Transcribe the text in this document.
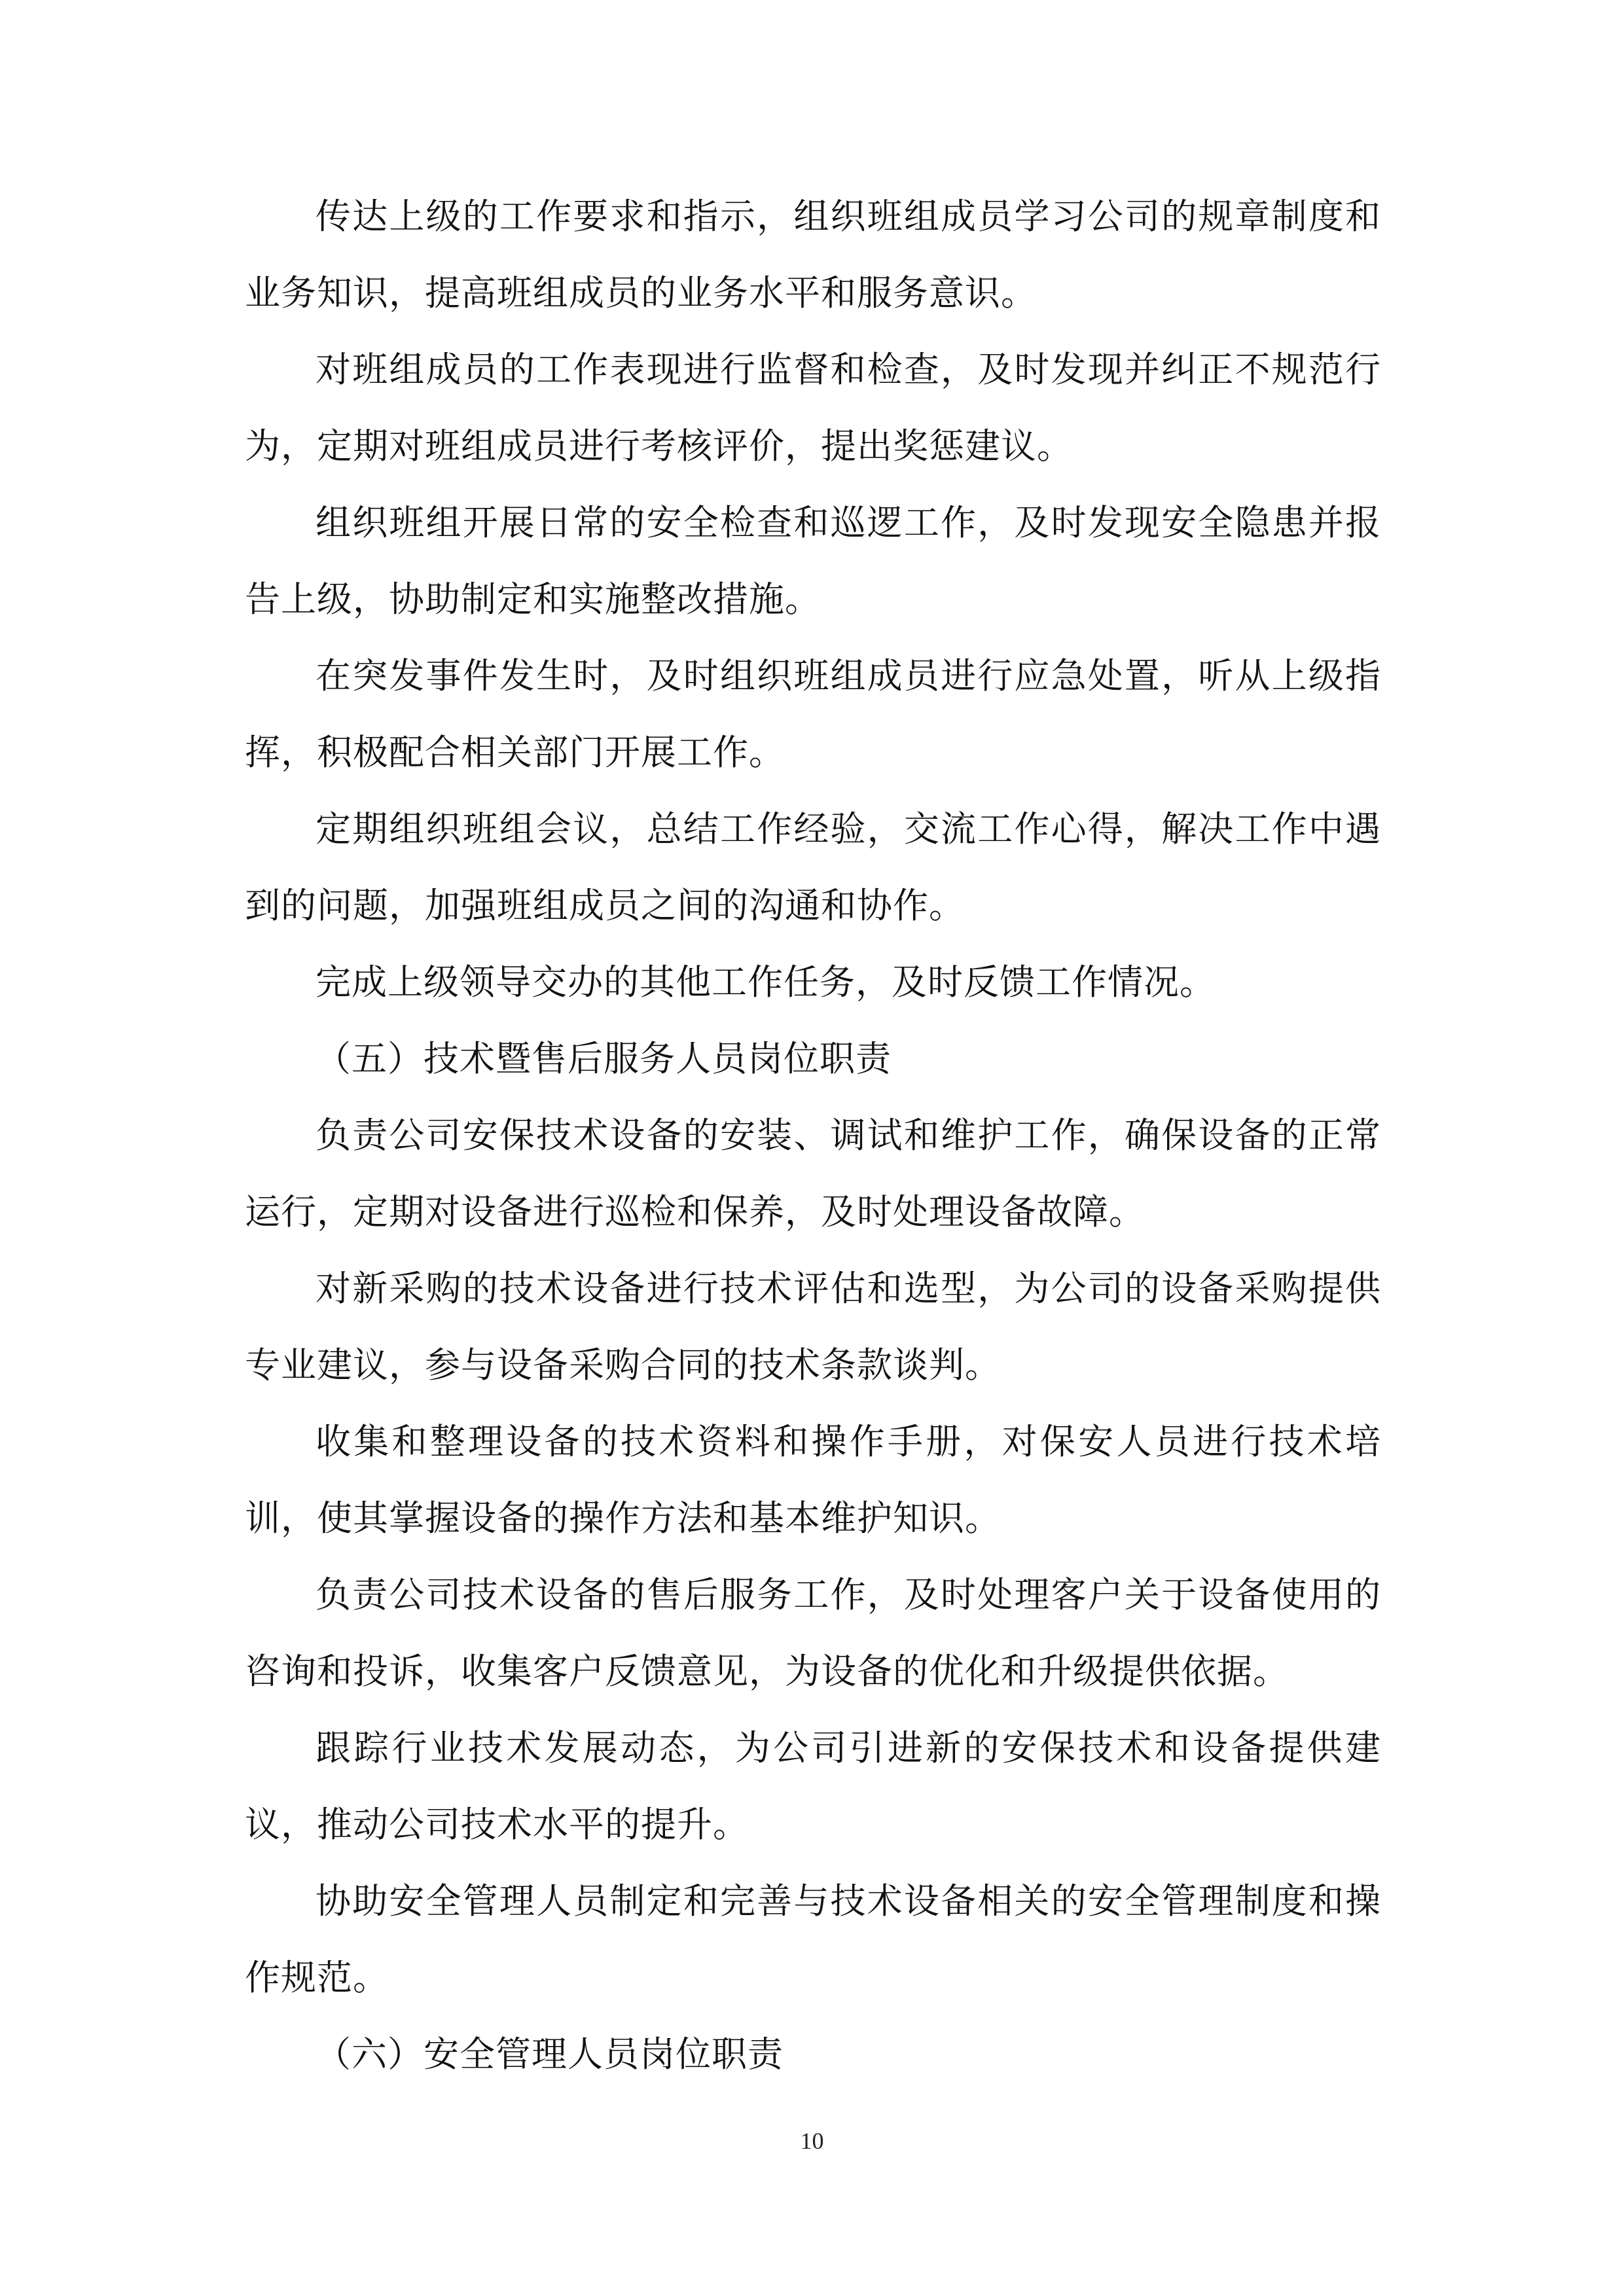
传达上级的工作要求和指示，组织班组成员学习公司的规章制度和业务知识，提高班组成员的业务水平和服务意识。

对班组成员的工作表现进行监督和检查，及时发现并纠正不规范行为，定期对班组成员进行考核评价，提出奖惩建议。

组织班组开展日常的安全检查和巡逻工作，及时发现安全隐患并报告上级，协助制定和实施整改措施。

在突发事件发生时，及时组织班组成员进行应急处置，听从上级指挥，积极配合相关部门开展工作。

定期组织班组会议，总结工作经验，交流工作心得，解决工作中遇到的问题，加强班组成员之间的沟通和协作。

完成上级领导交办的其他工作任务，及时反馈工作情况。

（五）技术暨售后服务人员岗位职责

负责公司安保技术设备的安装、调试和维护工作，确保设备的正常运行，定期对设备进行巡检和保养，及时处理设备故障。

对新采购的技术设备进行技术评估和选型，为公司的设备采购提供专业建议，参与设备采购合同的技术条款谈判。

收集和整理设备的技术资料和操作手册，对保安人员进行技术培训，使其掌握设备的操作方法和基本维护知识。

负责公司技术设备的售后服务工作，及时处理客户关于设备使用的咨询和投诉，收集客户反馈意见，为设备的优化和升级提供依据。

跟踪行业技术发展动态，为公司引进新的安保技术和设备提供建议，推动公司技术水平的提升。

协助安全管理人员制定和完善与技术设备相关的安全管理制度和操作规范。

（六）安全管理人员岗位职责

10
